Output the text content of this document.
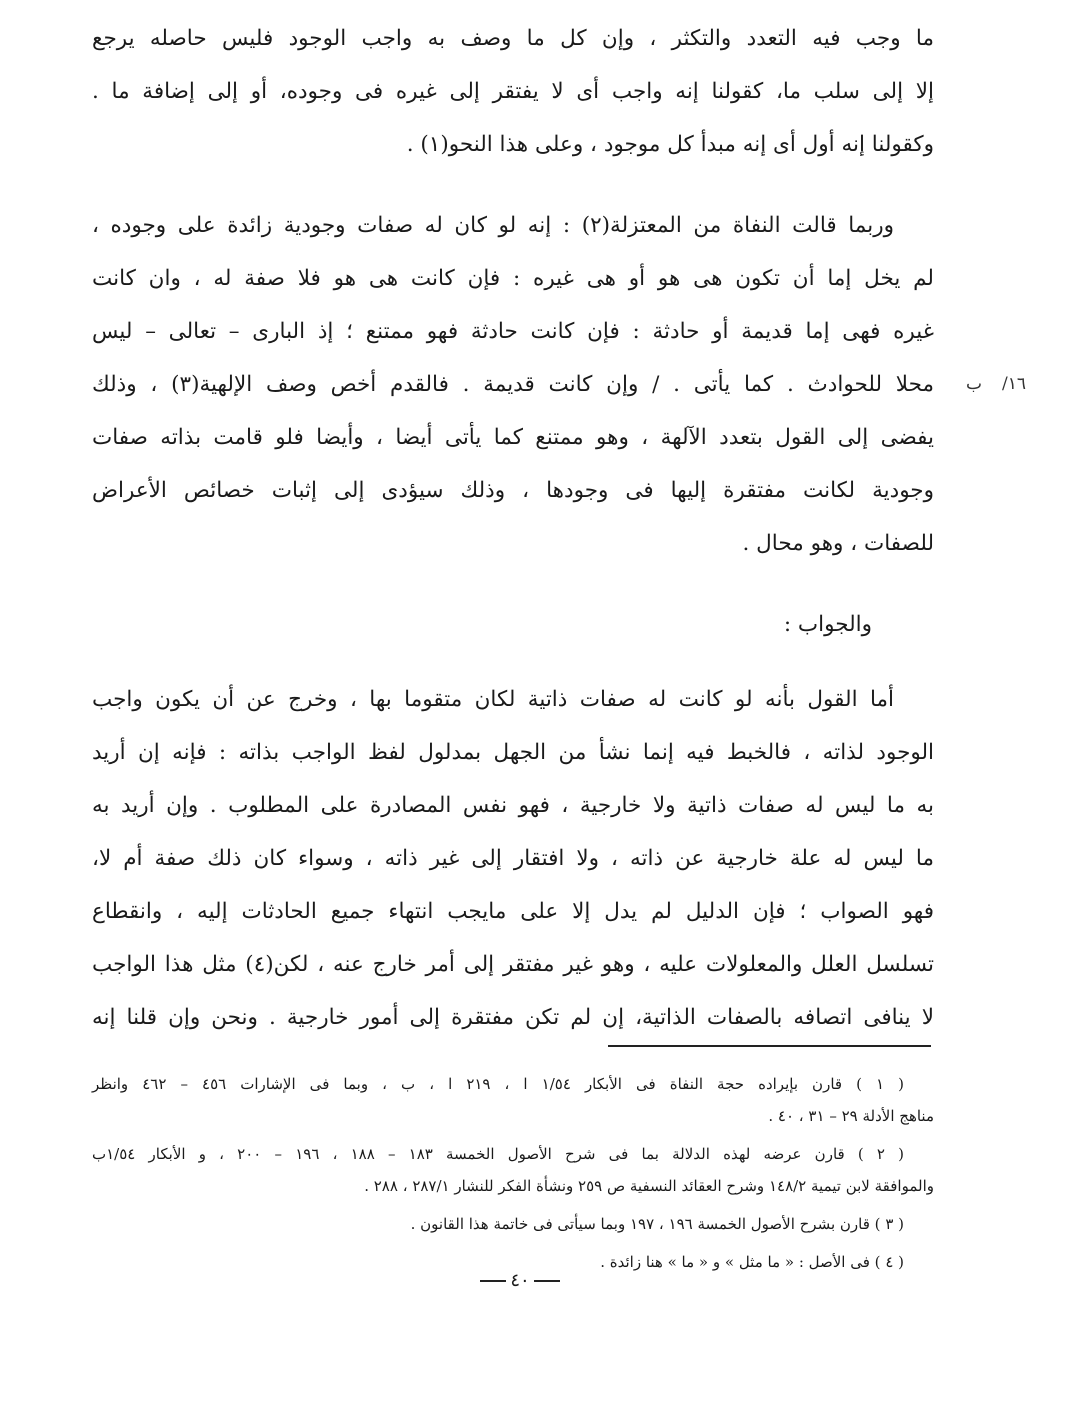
ما وجب فيه التعدد والتكثر ، وإن كل ما وصف به واجب الوجود فليس حاصله يرجع
إلا إلى سلب ما، كقولنا إنه واجب أى لا يفتقر إلى غيره فى وجوده، أو إلى إضافة ما .
وكقولنا إنه أول أى إنه مبدأ كل موجود ، وعلى هذا النحو(١) .
وربما قالت النفاة من المعتزلة(٢) : إنه لو كان له صفات وجودية زائدة على وجوده ،
لم يخل إما أن تكون هى هو أو هى غيره : فإن كانت هى هو فلا صفة له ، وان كانت
غيره فهى إما قديمة أو حادثة : فإن كانت حادثة فهو ممتنع ؛ إذ البارى – تعالى – ليس
محلا للحوادث . كما يأتى . / وإن كانت قديمة . فالقدم أخص وصف الإلهية(٣) ، وذلك ١٦/ ب
يفضى إلى القول بتعدد الآلهة ، وهو ممتنع كما يأتى أيضا ، وأيضا فلو قامت بذاته صفات
وجودية لكانت مفتقرة إليها فى وجودها ، وذلك سيؤدى إلى إثبات خصائص الأعراض
للصفات ، وهو محال .
والجواب :
أما القول بأنه لو كانت له صفات ذاتية لكان متقوما بها ، وخرج عن أن يكون واجب
الوجود لذاته ، فالخبط فيه إنما نشأ من الجهل بمدلول لفظ الواجب بذاته : فإنه إن أريد
به ما ليس له صفات ذاتية ولا خارجية ، فهو نفس المصادرة على المطلوب . وإن أريد به
ما ليس له علة خارجية عن ذاته ، ولا افتقار إلى غير ذاته ، وسواء كان ذلك صفة أم لا،
فهو الصواب ؛ فإن الدليل لم يدل إلا على مايجب انتهاء جميع الحادثات إليه ، وانقطاع
تسلسل العلل والمعلولات عليه ، وهو غير مفتقر إلى أمر خارج عنه ، لكن(٤) مثل هذا الواجب
لا ينافى اتصافه بالصفات الذاتية، إن لم تكن مفتقرة إلى أمور خارجية . ونحن وإن قلنا إنه
( ١ ) قارن بإيراده حجة النفاة فى الأبكار ١/٥٤ ا ، ٢١٩ ا ، ب ، وبما فى الإشارات ٤٥٦ – ٤٦٢ وانظر
مناهج الأدلة ٢٩ – ٣١ ، ٤٠ .
( ٢ ) قارن عرضه لهذه الدلالة بما فى شرح الأصول الخمسة ١٨٣ – ١٨٨ ، ١٩٦ – ٢٠٠ ، و الأبكار ١/٥٤ب
والموافقة لابن تيمية ١٤٨/٢ وشرح العقائد النسفية ص ٢٥٩ ونشأة الفكر للنشار ٢٨٧/١ ، ٢٨٨ .
( ٣ ) قارن بشرح الأصول الخمسة ١٩٦ ، ١٩٧ وبما سيأتى فى خاتمة هذا القانون .
( ٤ ) فى الأصل : « ما مثل » و « ما » هنا زائدة .
٤٠
